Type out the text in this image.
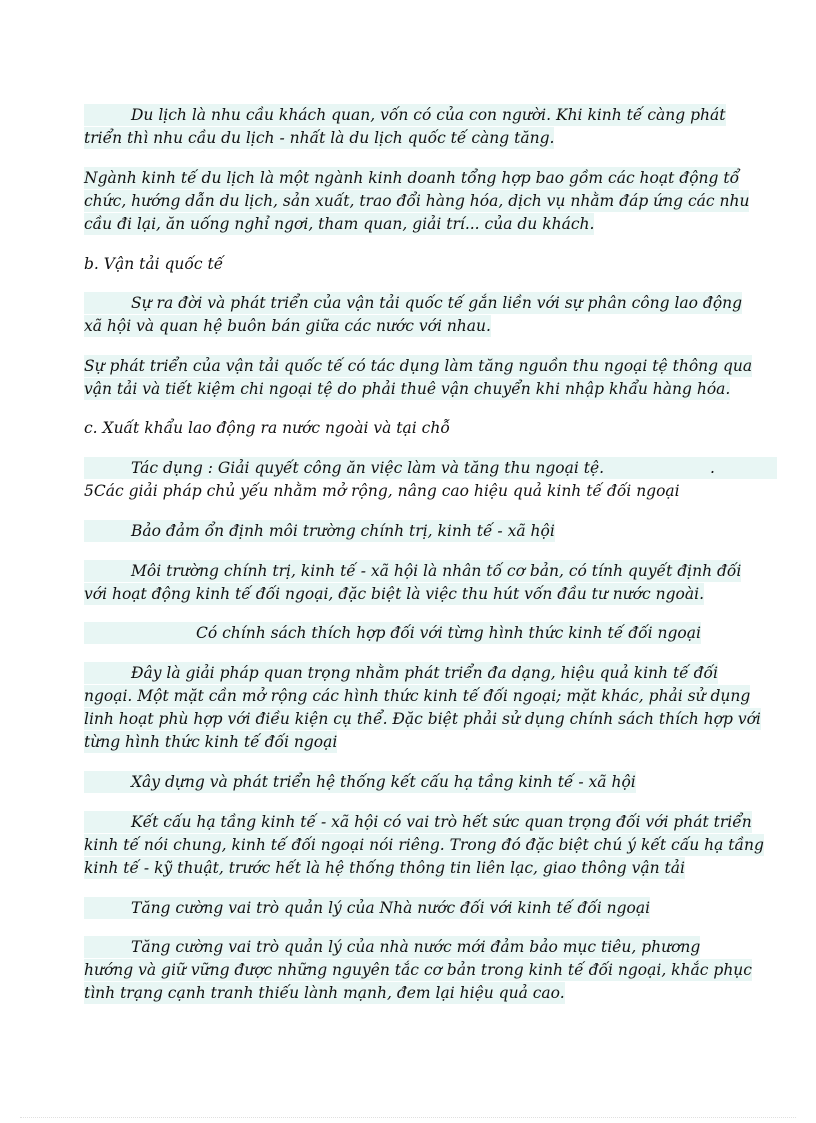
Du lịch là nhu cầu khách quan, vốn có của con người. Khi kinh tế càng phát
triển thì nhu cầu du lịch - nhất là du lịch quốc tế càng tăng.
Ngành kinh tế du lịch là một ngành kinh doanh tổng hợp bao gồm các hoạt động tổ
chức, hướng dẫn du lịch, sản xuất, trao đổi hàng hóa, dịch vụ nhằm đáp ứng các nhu
cầu đi lại, ăn uống nghỉ ngơi, tham quan, giải trí... của du khách.
b. Vận tải quốc tế
Sự ra đời và phát triển của vận tải quốc tế gắn liền với sự phân công lao động
xã hội và quan hệ buôn bán giữa các nước với nhau.
Sự phát triển của vận tải quốc tế có tác dụng làm tăng nguồn thu ngoại tệ thông qua
vận tải và tiết kiệm chi ngoại tệ do phải thuê vận chuyển khi nhập khẩu hàng hóa.
c. Xuất khẩu lao động ra nước ngoài và tại chỗ
Tác dụng : Giải quyết công ăn việc làm và tăng thu ngoại tệ.	.
5Các giải pháp chủ yếu nhằm mở rộng, nâng cao hiệu quả kinh tế đối ngoại
Bảo đảm ổn định môi trường chính trị, kinh tế - xã hội
Môi trường chính trị, kinh tế - xã hội là nhân tố cơ bản, có tính quyết định đối
với hoạt động kinh tế đối ngoại, đặc biệt là việc thu hút vốn đầu tư nước ngoài.
Có chính sách thích hợp đối với từng hình thức kinh tế đối ngoại
Đây là giải pháp quan trọng nhằm phát triển đa dạng, hiệu quả kinh tế đối
ngoại. Một mặt cần mở rộng các hình thức kinh tế đối ngoại; mặt khác, phải sử dụng
linh hoạt phù hợp với điều kiện cụ thể. Đặc biệt phải sử dụng chính sách thích hợp với
từng hình thức kinh tế đối ngoại
Xây dựng và phát triển hệ thống kết cấu hạ tầng kinh tế - xã hội
Kết cấu hạ tầng kinh tế - xã hội có vai trò hết sức quan trọng đối với phát triển
kinh tế nói chung, kinh tế đối ngoại nói riêng. Trong đó đặc biệt chú ý kết cấu hạ tầng
kinh tế - kỹ thuật, trước hết là hệ thống thông tin liên lạc, giao thông vận tải
Tăng cường vai trò quản lý của Nhà nước đối với kinh tế đối ngoại
Tăng cường vai trò quản lý của nhà nước mới đảm bảo mục tiêu, phương
hướng và giữ vững được những nguyên tắc cơ bản trong kinh tế đối ngoại, khắc phục
tình trạng cạnh tranh thiếu lành mạnh, đem lại hiệu quả cao.
